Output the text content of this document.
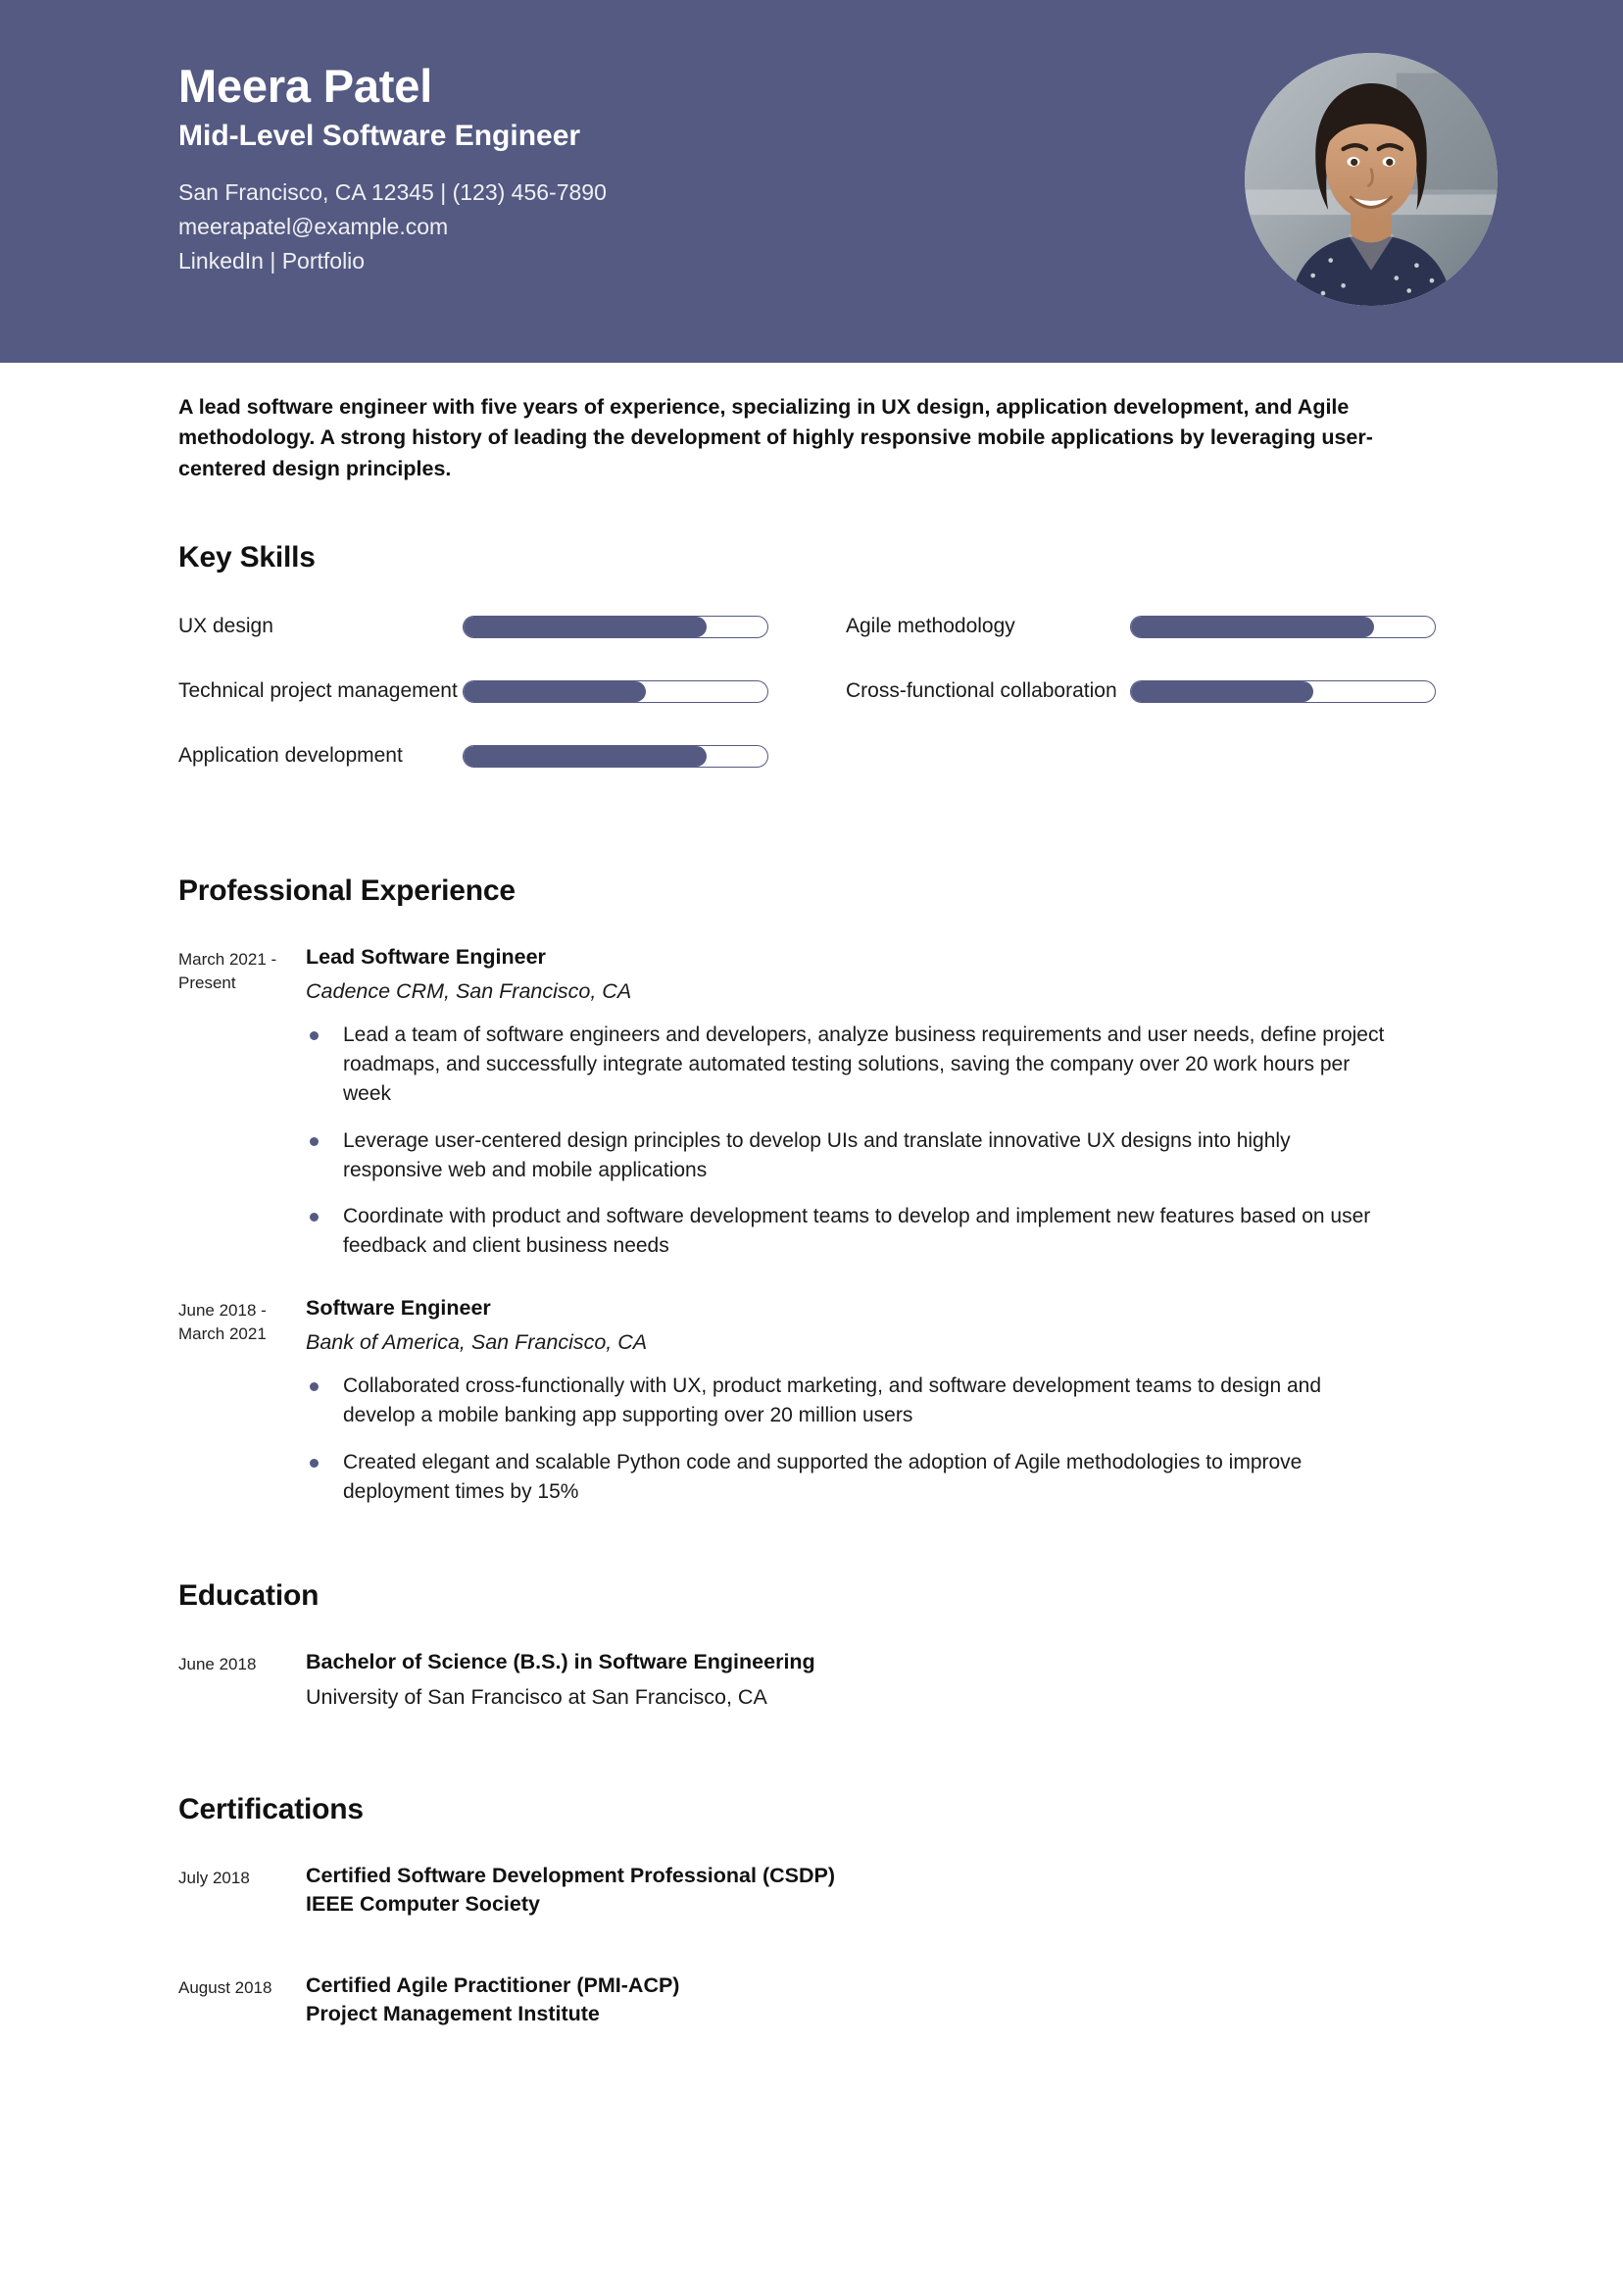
Meera Patel
Mid-Level Software Engineer
San Francisco, CA 12345 | (123) 456-7890
meerapatel@example.com
LinkedIn | Portfolio
A lead software engineer with five years of experience, specializing in UX design, application development, and Agile methodology. A strong history of leading the development of highly responsive mobile applications by leveraging user-centered design principles.
Key Skills
UX design
Technical project management
Application development
Agile methodology
Cross-functional collaboration
Professional Experience
March 2021 - Present
Lead Software Engineer
Cadence CRM, San Francisco, CA
Lead a team of software engineers and developers, analyze business requirements and user needs, define project roadmaps, and successfully integrate automated testing solutions, saving the company over 20 work hours per week
Leverage user-centered design principles to develop UIs and translate innovative UX designs into highly responsive web and mobile applications
Coordinate with product and software development teams to develop and implement new features based on user feedback and client business needs
June 2018 - March 2021
Software Engineer
Bank of America, San Francisco, CA
Collaborated cross-functionally with UX, product marketing, and software development teams to design and develop a mobile banking app supporting over 20 million users
Created elegant and scalable Python code and supported the adoption of Agile methodologies to improve deployment times by 15%
Education
June 2018	Bachelor of Science (B.S.) in Software Engineering
University of San Francisco at San Francisco, CA
Certifications
July 2018	Certified Software Development Professional (CSDP)
IEEE Computer Society
August 2018	Certified Agile Practitioner (PMI-ACP)
Project Management Institute
